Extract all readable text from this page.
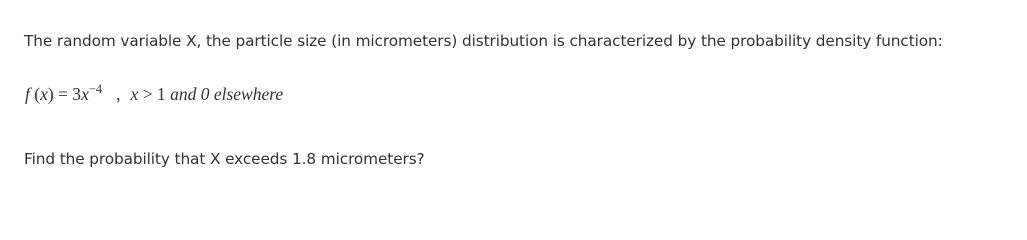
The random variable X, the particle size (in micrometers) distribution is characterized by the probability density function:
f $(x) = 3x^{-4}$ , x > 1 and 0 elsewhere
Find the probability that X exceeds 1.8 micrometers?
